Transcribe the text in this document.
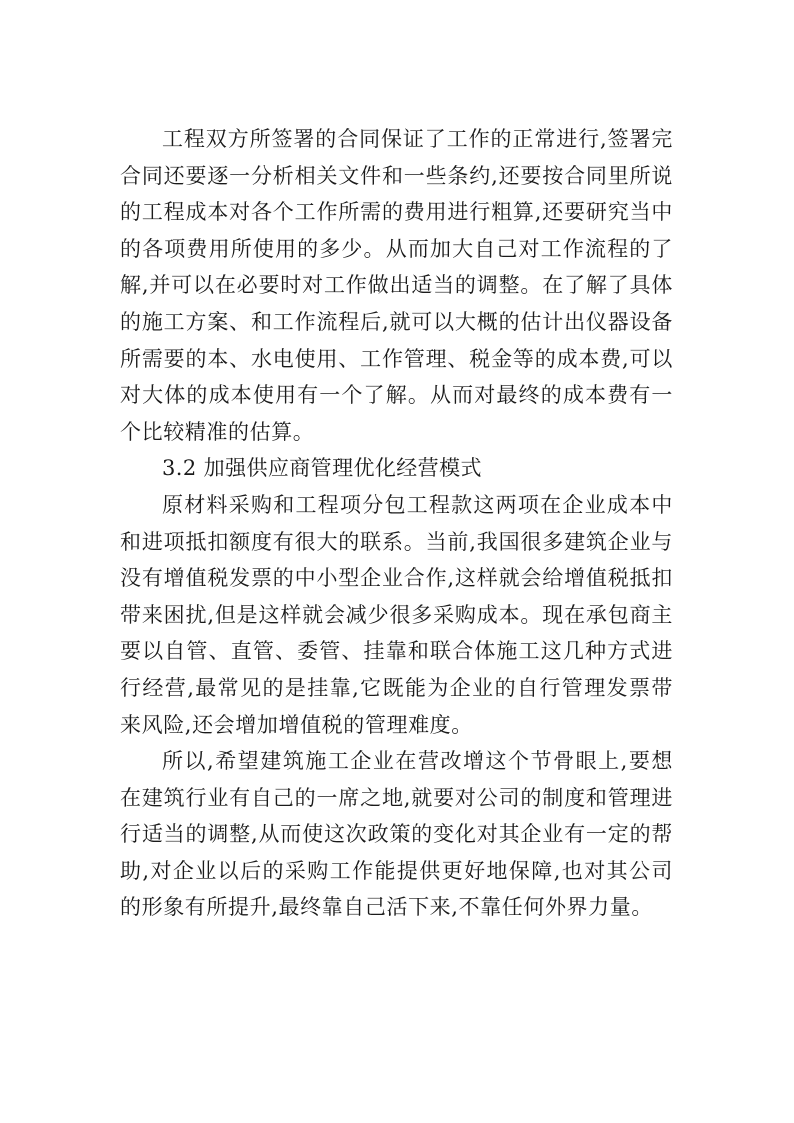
工程双方所签署的合同保证了工作的正常进行,签署完合同还要逐一分析相关文件和一些条约,还要按合同里所说的工程成本对各个工作所需的费用进行粗算,还要研究当中的各项费用所使用的多少。从而加大自己对工作流程的了解,并可以在必要时对工作做出适当的调整。在了解了具体的施工方案、和工作流程后,就可以大概的估计出仪器设备所需要的本、水电使用、工作管理、税金等的成本费,可以对大体的成本使用有一个了解。从而对最终的成本费有一个比较精准的估算。

3.2 加强供应商管理优化经营模式

原材料采购和工程项分包工程款这两项在企业成本中和进项抵扣额度有很大的联系。当前,我国很多建筑企业与没有增值税发票的中小型企业合作,这样就会给增值税抵扣带来困扰,但是这样就会减少很多采购成本。现在承包商主要以自管、直管、委管、挂靠和联合体施工这几种方式进行经营,最常见的是挂靠,它既能为企业的自行管理发票带来风险,还会增加增值税的管理难度。

所以,希望建筑施工企业在营改增这个节骨眼上,要想在建筑行业有自己的一席之地,就要对公司的制度和管理进行适当的调整,从而使这次政策的变化对其企业有一定的帮助,对企业以后的采购工作能提供更好地保障,也对其公司的形象有所提升,最终靠自己活下来,不靠任何外界力量。
